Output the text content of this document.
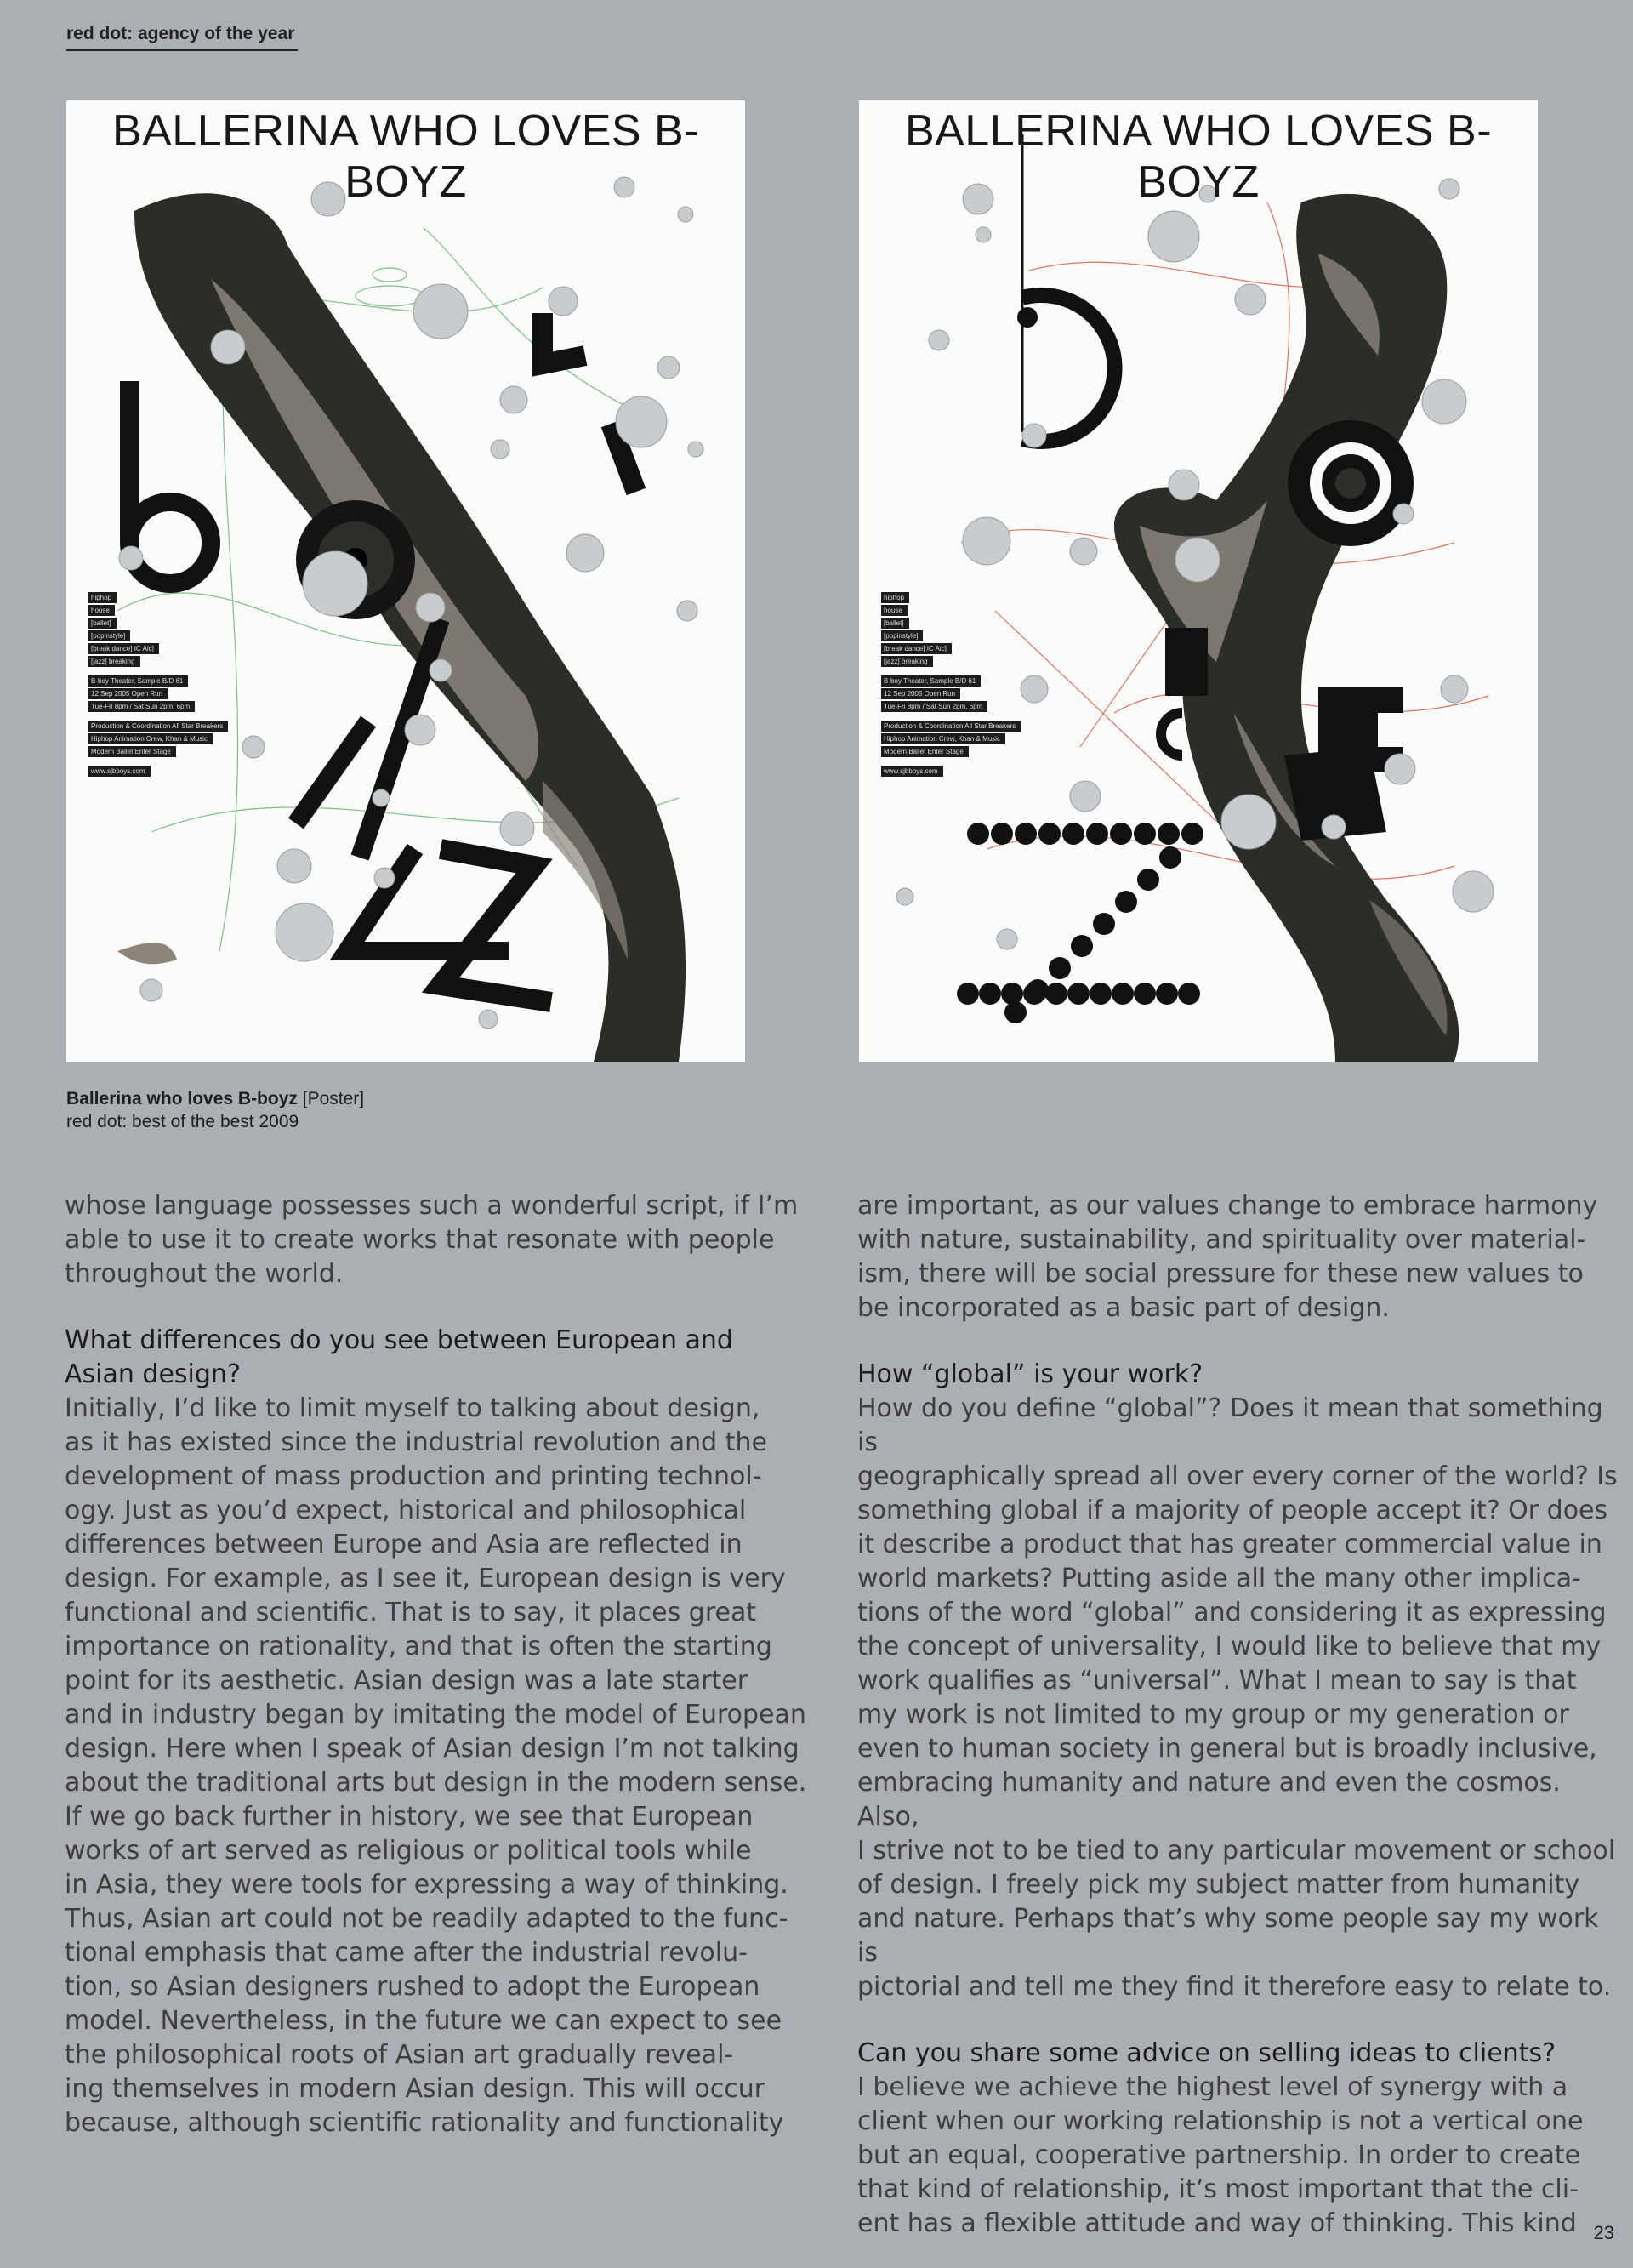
red dot: agency of the year
BALLERINA WHO LOVES B-BOYZ
hiphop
house
[ballet]
[popinstyle]
[break dance] IC Aic]
[jazz] breaking
B-boy Theater, Sample B/D 61
12 Sep 2005 Open Run
Tue-Fri 8pm / Sat Sun 2pm, 6pm
Production & Coordination All Star Breakers
Hiphop Animation Crew, Khan & Music
Modern Ballet Enter Stage
www.sjbboys.com
BALLERINA WHO LOVES B-BOYZ
hiphop
house
[ballet]
[popinstyle]
[break dance] IC Aic]
[jazz] breaking
B-boy Theater, Sample B/D 61
12 Sep 2005 Open Run
Tue-Fri 8pm / Sat Sun 2pm, 6pm
Production & Coordination All Star Breakers
Hiphop Animation Crew, Khan & Music
Modern Ballet Enter Stage
www.sjbboys.com
Ballerina who loves B-boyz [Poster]
red dot: best of the best 2009

whose language possesses such a wonderful script, if I’m
able to use it to create works that resonate with people
throughout the world.

What differences do you see between European and
Asian design?

Initially, I’d like to limit myself to talking about design,
as it has existed since the industrial revolution and the
development of mass production and printing technol-
ogy. Just as you’d expect, historical and philosophical
differences between Europe and Asia are reflected in
design. For example, as I see it, European design is very
functional and scientific. That is to say, it places great
importance on rationality, and that is often the starting
point for its aesthetic. Asian design was a late starter
and in industry began by imitating the model of European
design. Here when I speak of Asian design I’m not talking
about the traditional arts but design in the modern sense.
If we go back further in history, we see that European
works of art served as religious or political tools while
in Asia, they were tools for expressing a way of thinking.
Thus, Asian art could not be readily adapted to the func-
tional emphasis that came after the industrial revolu-
tion, so Asian designers rushed to adopt the European
model. Nevertheless, in the future we can expect to see
the philosophical roots of Asian art gradually reveal-
ing themselves in modern Asian design. This will occur
because, although scientific rationality and functionality

are important, as our values change to embrace harmony
with nature, sustainability, and spirituality over material-
ism, there will be social pressure for these new values to
be incorporated as a basic part of design.

How “global” is your work?

How do you define “global”? Does it mean that something is
geographically spread all over every corner of the world? Is
something global if a majority of people accept it? Or does
it describe a product that has greater commercial value in
world markets? Putting aside all the many other implica-
tions of the word “global” and considering it as expressing
the concept of universality, I would like to believe that my
work qualifies as “universal”. What I mean to say is that
my work is not limited to my group or my generation or
even to human society in general but is broadly inclusive,
embracing humanity and nature and even the cosmos. Also,
I strive not to be tied to any particular movement or school
of design. I freely pick my subject matter from humanity
and nature. Perhaps that’s why some people say my work is
pictorial and tell me they find it therefore easy to relate to.

Can you share some advice on selling ideas to clients?

I believe we achieve the highest level of synergy with a
client when our working relationship is not a vertical one
but an equal, cooperative partnership. In order to create
that kind of relationship, it’s most important that the cli-
ent has a flexible attitude and way of thinking. This kind 23
